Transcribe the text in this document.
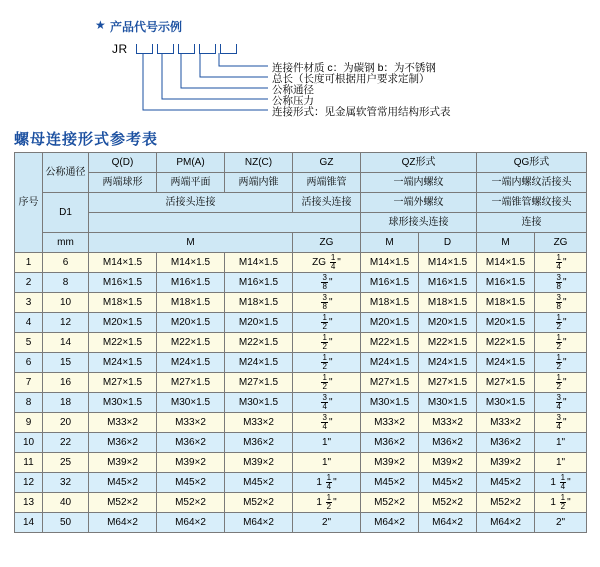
★ 产品代号示例
JR
连接件材质 c：为碳钢 b：为不锈钢
总长（长度可根据用户要求定制）
公称通径
公称压力
连接形式：见金属软管常用结构形式表
螺母连接形式参考表
序号	公称通径	Q(D)	PM(A)	NZ(C)	GZ	QZ形式		QG形式	
		两端球形	两端平面	两端内锥	两端锥管	一端内螺纹		一端内螺纹活接头	
	D1	活接头连接			活接头连接	一端外螺纹		一端锥管螺纹接头	
						球形接头连接		连接	
	mm	M			ZG	M	D	M	ZG
1	6	M14×1.5	M14×1.5	M14×1.5	ZG $\frac{1}{4}$ "	M14×1.5	M14×1.5	M14×1.5	$\frac{1}{4}$ "
2	8	M16×1.5	M16×1.5	M16×1.5	$\frac{3}{8}$ "	M16×1.5	M16×1.5	M16×1.5	$\frac{3}{8}$ "
3	10	M18×1.5	M18×1.5	M18×1.5	$\frac{3}{8}$ "	M18×1.5	M18×1.5	M18×1.5	$\frac{3}{8}$ "
4	12	M20×1.5	M20×1.5	M20×1.5	$\frac{1}{2}$ "	M20×1.5	M20×1.5	M20×1.5	$\frac{1}{2}$ "
5	14	M22×1.5	M22×1.5	M22×1.5	$\frac{1}{2}$ "	M22×1.5	M22×1.5	M22×1.5	$\frac{1}{2}$ "
6	15	M24×1.5	M24×1.5	M24×1.5	$\frac{1}{2}$ "	M24×1.5	M24×1.5	M24×1.5	$\frac{1}{2}$ "
7	16	M27×1.5	M27×1.5	M27×1.5	$\frac{1}{2}$ "	M27×1.5	M27×1.5	M27×1.5	$\frac{1}{2}$ "
8	18	M30×1.5	M30×1.5	M30×1.5	$\frac{3}{4}$ "	M30×1.5	M30×1.5	M30×1.5	$\frac{3}{4}$ "
9	20	M33×2	M33×2	M33×2	$\frac{3}{4}$ "	M33×2	M33×2	M33×2	$\frac{3}{4}$ "
10	22	M36×2	M36×2	M36×2	1"	M36×2	M36×2	M36×2	1"
11	25	M39×2	M39×2	M39×2	1"	M39×2	M39×2	M39×2	1"
12	32	M45×2	M45×2	M45×2	$1 \frac{1}{4}$ "	M45×2	M45×2	M45×2	$1 \frac{1}{4}$ "
13	40	M52×2	M52×2	M52×2	$1 \frac{1}{2}$ "	M52×2	M52×2	M52×2	$1 \frac{1}{2}$ "
14	50	M64×2	M64×2	M64×2	2"	M64×2	M64×2	M64×2	2"
